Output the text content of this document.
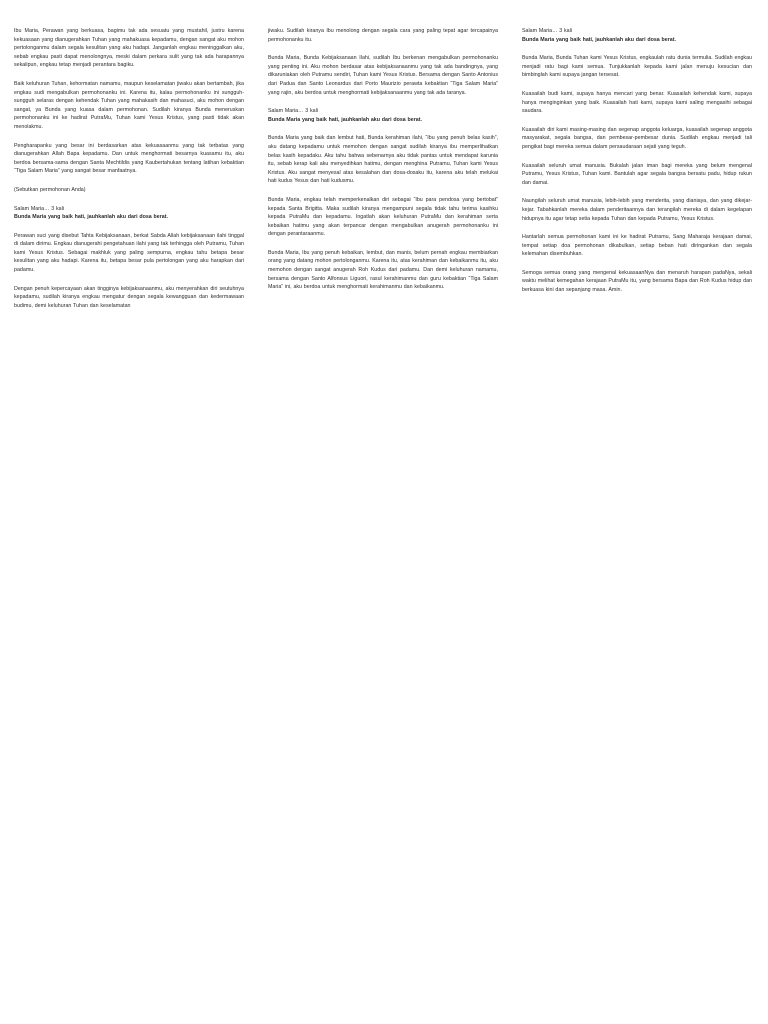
Ibu Maria, Perawan yang berkuasa, bagimu tak ada sesuatu yang mustahil, justru karena kekuasaan yang dianugerahkan Tuhan yang mahakuasa kepadamu, dengan sangat aku mohon pertolonganmu dalam segala kesulitan yang aku hadapi. Janganlah engkau meninggalkan aku, sebab engkau pasti dapat menolongnya, meski dalam perkara sulit yang tak ada harapannya sekalipun, engkau tetap menjadi perantara bagiku.

Baik keluhuran Tuhan, kehormatan namamu, maupun keselamatan jiwaku akan bertambah, jika engkau sudi mengabulkan permohonanku ini. Karena itu, kalau permohonanku ini sungguh-sungguh selaras dengan kehendak Tuhan yang mahakasih dan mahasuci, aku mohon dengan sangat, ya Bunda yang kuasa dalam permohonan. Sudilah kiranya Bunda meneruskan permohonanku ini ke hadirat PutraMu, Tuhan kami Yesus Kristus, yang pasti tidak akan menolakmu.

Pengharapanku yang besar ini berdasarkan atas kekuasaanmu yang tak terbatas yang dianugerahkan Allah Bapa kepadamu. Dan untuk menghormati besarnya kuasamu itu, aku berdoa bersama-sama dengan Santa Mechtildis yang Kaubertahukan tentang latihan kebaktian “Tiga Salam Maria” yang sangat besar manfaatnya.

(Sebutkan permohonan Anda)

Salam Maria… 3 kali

Bunda Maria yang baik hati, jauhkanlah aku dari dosa berat.

Perawan suci yang disebut Tahta Kebijaksanaan, berkat Sabda Allah kebijaksanaan ilahi tinggal di dalam dirimu. Engkau dianugerahi pengetahuan ilahi yang tak terhingga oleh Putramu, Tuhan kami Yesus Kristus. Sebagai makhluk yang paling sempurna, engkau tahu betapa besar kesulitan yang aku hadapi. Karena itu, betapa besar pula pertolongan yang aku harapkan dari padamu.

Dengan penuh kepercayaan akan tingginya kebijaksanaanmu, aku menyerahkan diri seutuhnya kepadamu, sudilah kiranya engkau mengatur dengan segala kewangguan dan kedermawaan budimu, demi keluhuran Tuhan dan keselamatan

jiwaku. Sudilah kiranya Ibu menolong dengan segala cara yang paling tepat agar tercapainya permohonanku itu.

Bunda Maria, Bunda Kebijaksanaan Ilahi, sudilah Ibu berkenan mengabulkan permohonanku yang penting ini. Aku mohon berdasar atas kebijaksanaanmu yang tak ada bandingnya, yang dikaruniakan oleh Putramu sendiri, Tuhan kami Yesus Kristus. Bersama dengan Santo Antonius dari Padua dan Santo Leonardus dari Porto Maurizio perawta kebaktian “Tiga Salam Maria” yang rajin, aku berdoa untuk menghormati kebijaksanaanmu yang tak ada taranya.

Salam Maria… 3 kali

Bunda Maria yang baik hati, jauhkanlah aku dari dosa berat.

Bunda Maria yang baik dan lembut hati, Bunda kerahiman ilahi, “Ibu yang penuh belas kasih”, aku datang kepadamu untuk memohon dengan sangat sudilah kiranya ibu memperlihatkan belas kasih kepadaku. Aku tahu bahwa sebenarnya aku tidak pantas untuk mendapat karunia itu, sebab kerap kali aku menyedihkan hatimu, dengan menghina Putramu, Tuhan kami Yesus Kristus. Aku sangat menyesal atas kesalahan dan dosa-dosaku itu, karena aku telah melukai hati kudus Yesus dan hati kudusmu.

Bunda Maria, engkau telah memperkenalkan diri sebagai “Ibu para pendosa yang bertobat” kepada Santa Brigitta. Maka sudilah kiranya mengampuni segala tidak tahu terima kasihku kepada PutraMu dan kepadamu. Ingatlah akan keluhuran PutraMu dan kerahiman serta kebaikan hatimu yang akan terpancar dengan mengabulkan anugerah permohonanku ini dengan perantaraanmu.

Bunda Maria, Ibu yang penuh kebaikan, lembut, dan manis, belum pernah engkau membiarkan orang yang datang mohon pertolonganmu. Karena itu, atas kerahiman dan kebaikanmu itu, aku memohon dengan sangat anugerah Roh Kudus dari padamu. Dan demi keluhuran namamu, bersama dengan Santo Alfonsus Liguori, rasul kerahimanmu dan guru kebaktian “Tiga Salam Maria” ini, aku berdoa untuk menghormati kerahimanmu dan kebaikanmu.

Salam Maria… 3 kali

Bunda Maria yang baik hati, jauhkanlah aku dari dosa berat.

Bunda Maria, Bunda Tuhan kami Yesus Kristus, engkaulah ratu dunia termulia. Sudilah engkau menjadi ratu bagi kami semua. Tunjukkanlah kepada kami jalan menuju kesucian dan bimbinglah kami supaya jangan tersesat.

Kuasailah budi kami, supaya hanya mencari yang benar. Kuasailah kehendak kami, supaya hanya menginginkan yang baik. Kuasailah hati kami, supaya kami saling mengasihi sebagai saudara.

Kuasailah diri kami masing-masing dan segenap anggota keluarga, kuasailah segenap anggota masyarakat, segala bangsa, dan pembesar-pembesar dunia. Sudilah engkau menjadi tali pengikat bagi mereka semua dalam persaudaraan sejati yang teguh.

Kuasailah seluruh umat manusia. Bukalah jalan iman bagi mereka yang belum mengenal Putramu, Yesus Kristus, Tuhan kami. Bantulah agar segala bangsa bersatu padu, hidup rukun dan damai.

Naungilah seluruh umat manusia, lebih-lebih yang menderita, yang dianiaya, dan yang dikejar-kejar. Tabahkanlah mereka dalam penderitaannya dan terangilah mereka di dalam kegelapan hidupnya itu agar tetap setia kepada Tuhan dan kepada Putramu, Yesus Kristus.

Hantarlah semua permohonan kami ini ke hadirat Putramu, Sang Maharaja kerajaan damai, tempat setiap doa permohonan dikabulkan, setiap beban hati diringankan dan segala kelemahan disembuhkan.

Semoga semua orang yang mengenal kekuasaanNya dan menaruh harapan padaNya, sekali waktu melihat kemegahan kerajaan PutraMu itu, yang bersama Bapa dan Roh Kudus hidup dan berkuasa kini dan sepanjang masa. Amin.
